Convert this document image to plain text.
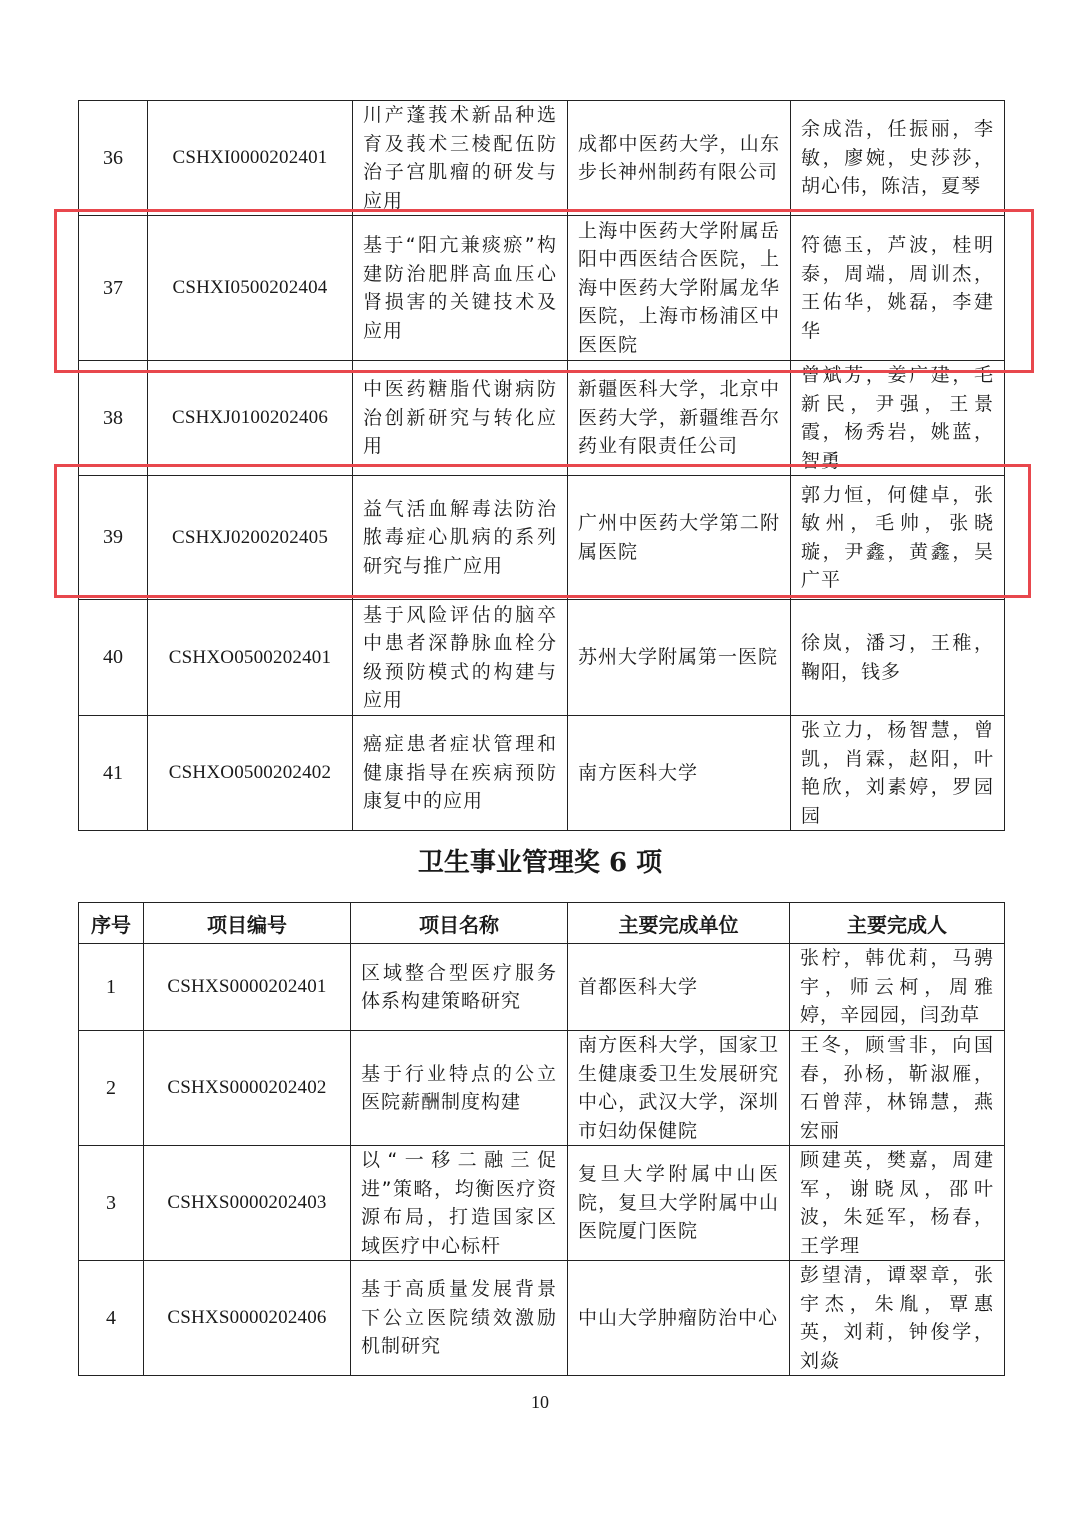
36	CSHXI0000202401	川产蓬莪术新品种选育及莪术三棱配伍防治子宫肌瘤的研发与应用	成都中医药大学，山东步长神州制药有限公司	余成浩，任振丽，李敏，廖婉，史莎莎，胡心伟，陈洁，夏琴
37	CSHXI0500202404	基于“阳亢兼痰瘀”构建防治肥胖高血压心肾损害的关键技术及应用	上海中医药大学附属岳阳中西医结合医院，上海中医药大学附属龙华医院，上海市杨浦区中医医院	符德玉，芦波，桂明泰，周端，周训杰，王佑华，姚磊，李建华
38	CSHXJ0100202406	中医药糖脂代谢病防治创新研究与转化应用	新疆医科大学，北京中医药大学，新疆维吾尔药业有限责任公司	曾斌芳，姜广建，毛新民，尹强，王景霞，杨秀岩，姚蓝，智勇
39	CSHXJ0200202405	益气活血解毒法防治脓毒症心肌病的系列研究与推广应用	广州中医药大学第二附属医院	郭力恒，何健卓，张敏州，毛帅，张晓璇，尹鑫，黄鑫，吴广平
40	CSHXO0500202401	基于风险评估的脑卒中患者深静脉血栓分级预防模式的构建与应用	苏州大学附属第一医院	徐岚，潘习，王稚，鞠阳，钱多
41	CSHXO0500202402	癌症患者症状管理和健康指导在疾病预防康复中的应用	南方医科大学	张立力，杨智慧，曾凯，肖霖，赵阳，叶艳欣，刘素婷，罗园园
卫生事业管理奖 6 项
序号	项目编号	项目名称	主要完成单位	主要完成人
1	CSHXS0000202401	区域整合型医疗服务体系构建策略研究	首都医科大学	张柠，韩优莉，马骋宇，师云柯，周雅婷，辛园园，闫劲草
2	CSHXS0000202402	基于行业特点的公立医院薪酬制度构建	南方医科大学，国家卫生健康委卫生发展研究中心，武汉大学，深圳市妇幼保健院	王冬，顾雪非，向国春，孙杨，靳淑雁，石曾萍，林锦慧，燕宏丽
3	CSHXS0000202403	以“一移二融三促进”策略，均衡医疗资源布局，打造国家区域医疗中心标杆	复旦大学附属中山医院，复旦大学附属中山医院厦门医院	顾建英，樊嘉，周建军，谢晓凤，邵叶波，朱延军，杨春，王学理
4	CSHXS0000202406	基于高质量发展背景下公立医院绩效激励机制研究	中山大学肿瘤防治中心	彭望清，谭翠章，张宇杰，朱胤，覃惠英，刘莉，钟俊学，刘焱
10
